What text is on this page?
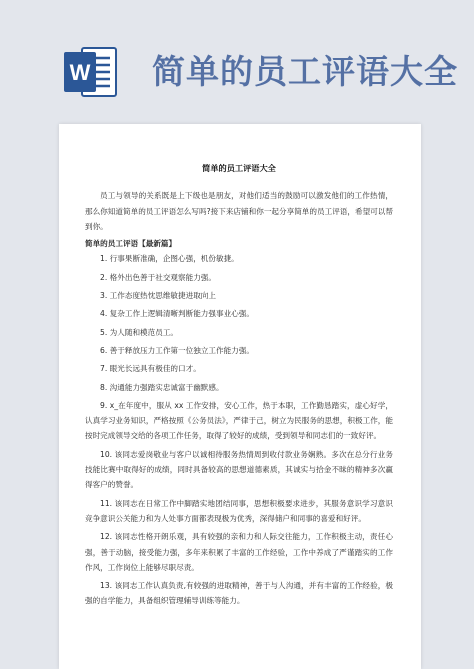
W 简单的员工评语大全
简单的员工评语大全
员工与领导的关系既是上下级也是朋友，对他们适当的鼓励可以激发他们的工作热情，那么你知道简单的员工评语怎么写吗?接下来店铺和你一起分享简单的员工评语，希望可以帮到你。
简单的员工评语【最新篇】
1. 行事果断准确，企图心强，机份敏捷。
2. 格外出色善于社交观察能力强。
3. 工作态度热忱思维敏捷进取向上
4. 复杂工作上逻辑清晰判断能力强事业心强。
5. 为人随和模范员工。
6. 善于释放压力工作第一位独立工作能力强。
7. 眼光长远具有极佳的口才。
8. 沟通能力强踏实忠诚富于幽默感。
9. x_在年度中，服从 xx 工作安排，安心工作，热于本职，工作勤恳踏实，虚心好学，认真学习业务知识，严格按照《公务员法》，严律于己，树立为民服务的思想，积极工作，能按时完成领导交给的各项工作任务，取得了较好的成绩，受到领导和同志们的一致好评。
10. 该同志爱岗敬业与客户以诚相待服务热情周到收付款业务娴熟。多次在总分行业务技能比赛中取得好的成绩，同时具备较高的思想道德素质，其诚实与拾金不昧的精神多次赢得客户的赞誉。
11. 该同志在日常工作中脚踏实地团结同事，思想积极要求进步，其服务意识学习意识竞争意识公关能力和为人处事方面都表现极为优秀，深得储户和同事的喜爱和好评。
12. 该同志性格开朗乐观，具有较强的亲和力和人际交往能力，工作积极主动，责任心强，善于动脑，接受能力强，多年来积累了丰富的工作经验，工作中养成了严谨踏实的工作作风，工作岗位上能够尽职尽责。
13. 该同志工作认真负责,有较强的进取精神，善于与人沟通，并有丰富的工作经验，极强的自学能力，具备组织管理辅导训练等能力。
